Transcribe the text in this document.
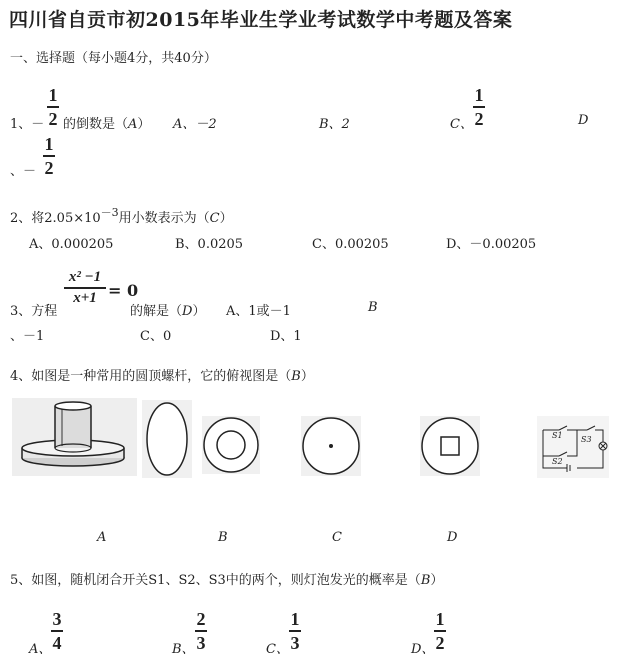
四川省自贡市初2015年毕业生学业考试数学中考题及答案
一、选择题（每小题4分，共40分）
1、－
1
2 的倒数是（A） A、－2	B、2	C、
1
2	D
、－
1
2
2、将$2.05\times 10^{-3}$用小数表示为（C）
A、0.000205	B、0.0205	C、0.00205	D、－0.00205
3、方程
x² −1
x+1 = 0
的解是（D） A、1或－1	B
、－1	C、0	D、1
4、如图是一种常用的圆顶螺杆，它的俯视图是（B）
S1 S3
S2
A	B	C	D
5、如图，随机闭合开关S1、S2、S3中的两个，则灯泡发光的概率是（B）
A、
3
4	B、
2
3	C、
1
3	D、
1
2
